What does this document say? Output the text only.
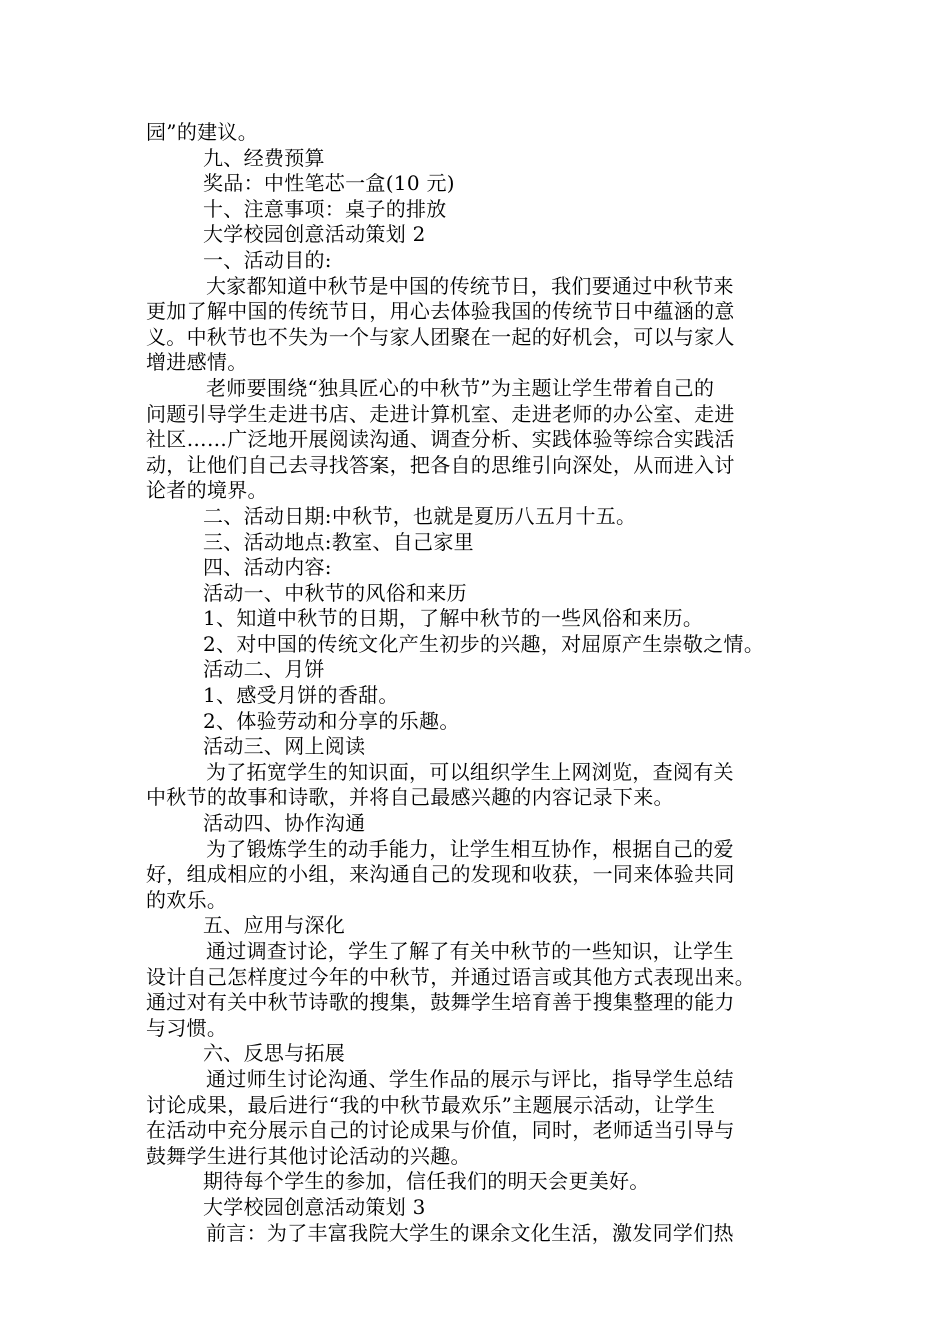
园”的建议。
九、经费预算
奖品：中性笔芯一盒(10 元)
十、注意事项：桌子的排放
大学校园创意活动策划 2
一、活动目的:
大家都知道中秋节是中国的传统节日，我们要通过中秋节来
更加了解中国的传统节日，用心去体验我国的传统节日中蕴涵的意
义。中秋节也不失为一个与家人团聚在一起的好机会，可以与家人
增进感情。
老师要围绕“独具匠心的中秋节”为主题让学生带着自己的
问题引导学生走进书店、走进计算机室、走进老师的办公室、走进
社区……广泛地开展阅读沟通、调查分析、实践体验等综合实践活
动，让他们自己去寻找答案，把各自的思维引向深处，从而进入讨
论者的境界。
二、活动日期:中秋节，也就是夏历八五月十五。
三、活动地点:教室、自己家里
四、活动内容:
活动一、中秋节的风俗和来历
1、知道中秋节的日期，了解中秋节的一些风俗和来历。
2、对中国的传统文化产生初步的兴趣，对屈原产生崇敬之情。
活动二、月饼
1、感受月饼的香甜。
2、体验劳动和分享的乐趣。
活动三、网上阅读
为了拓宽学生的知识面，可以组织学生上网浏览，查阅有关
中秋节的故事和诗歌，并将自己最感兴趣的内容记录下来。
活动四、协作沟通
为了锻炼学生的动手能力，让学生相互协作，根据自己的爱
好，组成相应的小组，来沟通自己的发现和收获，一同来体验共同
的欢乐。
五、应用与深化
通过调查讨论，学生了解了有关中秋节的一些知识，让学生
设计自己怎样度过今年的中秋节，并通过语言或其他方式表现出来。
通过对有关中秋节诗歌的搜集，鼓舞学生培育善于搜集整理的能力
与习惯。
六、反思与拓展
通过师生讨论沟通、学生作品的展示与评比，指导学生总结
讨论成果，最后进行“我的中秋节最欢乐”主题展示活动，让学生
在活动中充分展示自己的讨论成果与价值，同时，老师适当引导与
鼓舞学生进行其他讨论活动的兴趣。
期待每个学生的参加，信任我们的明天会更美好。
大学校园创意活动策划 3
前言：为了丰富我院大学生的课余文化生活，激发同学们热
